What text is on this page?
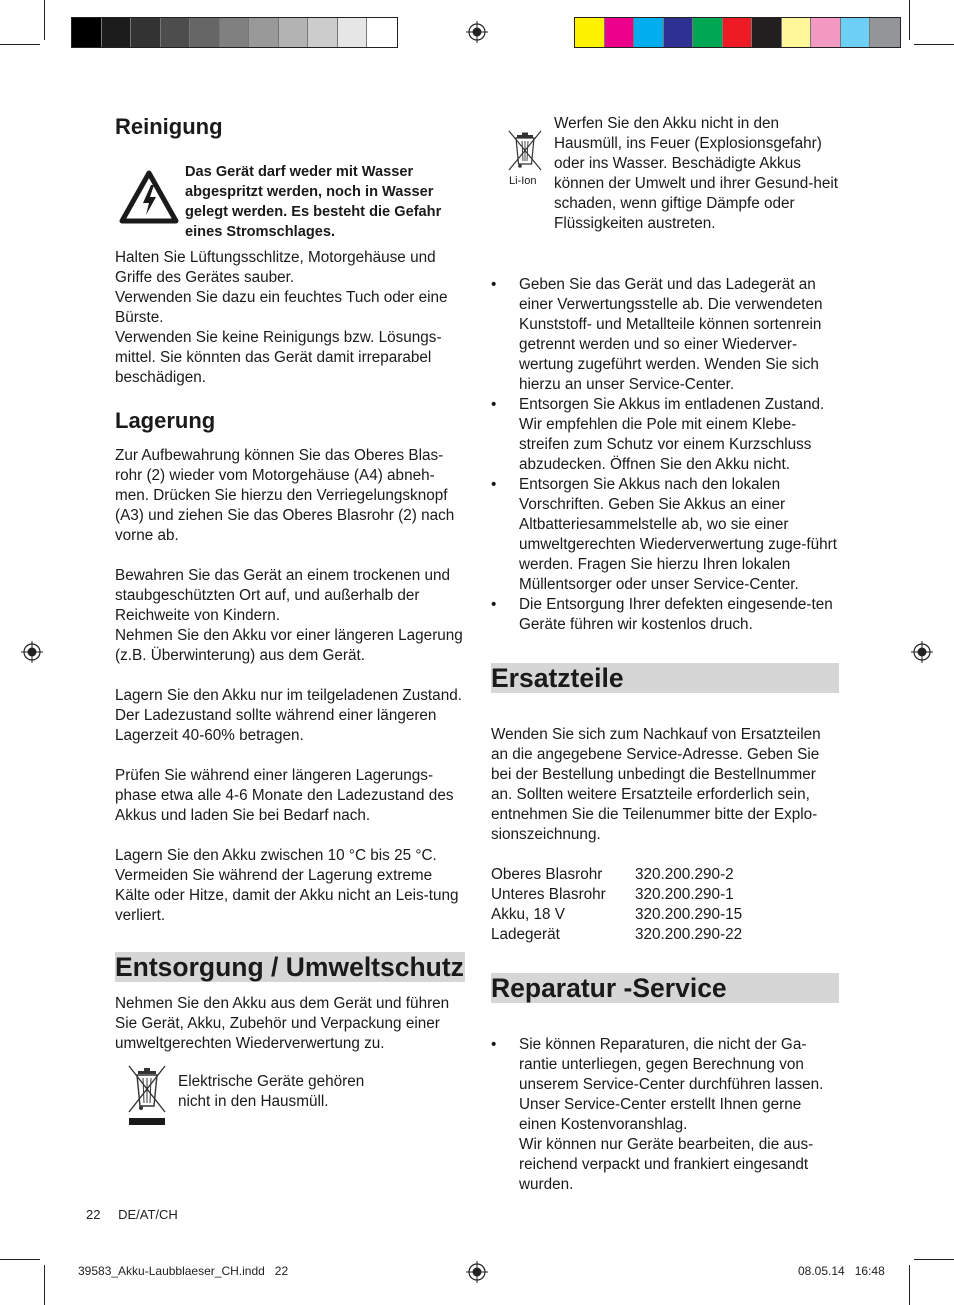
Reinigung

Das Gerät darf weder mit Wasser abgespritzt werden, noch in Wasser gelegt werden. Es besteht die Gefahr eines Stromschlages.

Halten Sie Lüftungsschlitze, Motorgehäuse und Griffe des Gerätes sauber.

Verwenden Sie dazu ein feuchtes Tuch oder eine Bürste.

Verwenden Sie keine Reinigungs bzw. Lösungs-mittel. Sie könnten das Gerät damit irreparabel beschädigen.

Lagerung

Zur Aufbewahrung können Sie das Oberes Blas-rohr (2) wieder vom Motorgehäuse (A4) abneh-men. Drücken Sie hierzu den Verriegelungsknopf (A3) und ziehen Sie das Oberes Blasrohr (2) nach vorne ab.

Bewahren Sie das Gerät an einem trockenen und staubgeschützten Ort auf, und außerhalb der Reichweite von Kindern.

Nehmen Sie den Akku vor einer längeren Lagerung (z.B. Überwinterung) aus dem Gerät.

Lagern Sie den Akku nur im teilgeladenen Zustand. Der Ladezustand sollte während einer längeren Lagerzeit 40-60% betragen.

Prüfen Sie während einer längeren Lagerungs-phase etwa alle 4-6 Monate den Ladezustand des Akkus und laden Sie bei Bedarf nach.

Lagern Sie den Akku zwischen 10 °C bis 25 °C. Vermeiden Sie während der Lagerung extreme Kälte oder Hitze, damit der Akku nicht an Leis-tung verliert.

Entsorgung / Umweltschutz

Nehmen Sie den Akku aus dem Gerät und führen Sie Gerät, Akku, Zubehör und Verpackung einer umweltgerechten Wiederverwertung zu.

Elektrische Geräte gehören

nicht in den Hausmüll.

Li-Ion

Werfen Sie den Akku nicht in den Hausmüll, ins Feuer (Explosionsgefahr) oder ins Wasser. Beschädigte Akkus können der Umwelt und ihrer Gesund-heit schaden, wenn giftige Dämpfe oder Flüssigkeiten austreten.

• Geben Sie das Gerät und das Ladegerät an einer Verwertungsstelle ab. Die verwendeten Kunststoff- und Metallteile können sortenrein getrennt werden und so einer Wiederver-wertung zugeführt werden. Wenden Sie sich hierzu an unser Service-Center.
• Entsorgen Sie Akkus im entladenen Zustand. Wir empfehlen die Pole mit einem Klebe-streifen zum Schutz vor einem Kurzschluss abzudecken. Öffnen Sie den Akku nicht.
• Entsorgen Sie Akkus nach den lokalen Vorschriften. Geben Sie Akkus an einer Altbatteriesammelstelle ab, wo sie einer umweltgerechten Wiederverwertung zuge-führt werden. Fragen Sie hierzu Ihren lokalen Müllentsorger oder unser Service-Center.
• Die Entsorgung Ihrer defekten eingesende-ten Geräte führen wir kostenlos druch.
Ersatzteile

Wenden Sie sich zum Nachkauf von Ersatzteilen an die angegebene Service-Adresse. Geben Sie bei der Bestellung unbedingt die Bestellnummer an. Sollten weitere Ersatzteile erforderlich sein, entnehmen Sie die Teilenummer bitte der Explo-sionszeichnung.

Oberes Blasrohr	320.200.290-2
Unteres Blasrohr	320.200.290-1
Akku, 18 V	320.200.290-15
Ladegerät	320.200.290-22
Reparatur -Service
• Sie können Reparaturen, die nicht der Ga-rantie unterliegen, gegen Berechnung von unserem Service-Center durchführen lassen. Unser Service-Center erstellt Ihnen gerne einen Kostenvoranshlag.
Wir können nur Geräte bearbeiten, die aus-reichend verpackt und frankiert eingesandt wurden.
22 DE/AT/CH
39583_Akku-Laubblaeser_CH.indd   22	08.05.14   16:48
